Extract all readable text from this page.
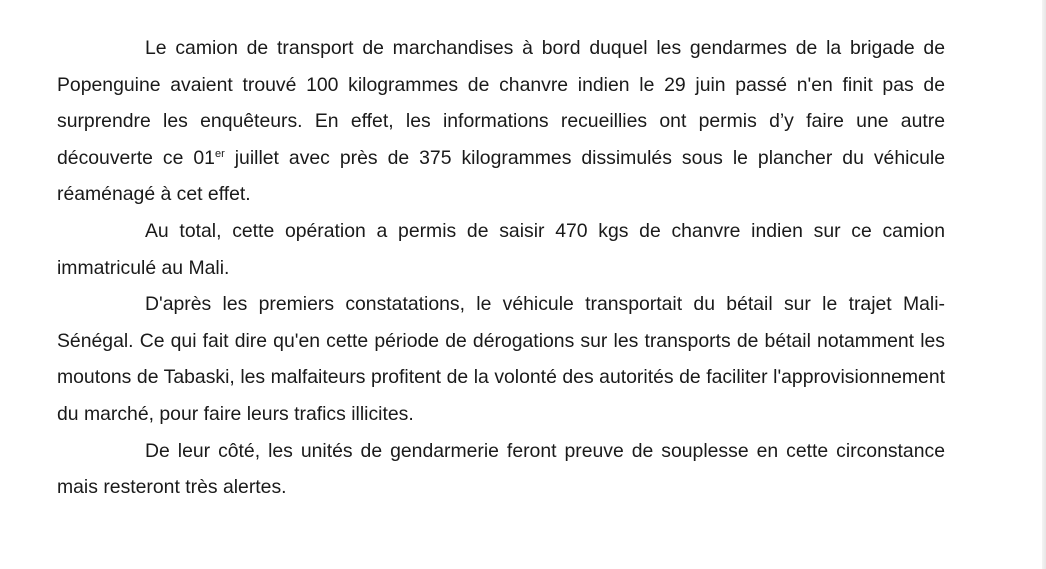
Le camion de transport de marchandises à bord duquel les gendarmes de la brigade de Popenguine avaient trouvé 100 kilogrammes de chanvre indien le 29 juin passé n'en finit pas de surprendre les enquêteurs. En effet, les informations recueillies ont permis d’y faire une autre découverte ce 01er juillet avec près de 375 kilogrammes dissimulés sous le plancher du véhicule réaménagé à cet effet.

Au total, cette opération a permis de saisir 470 kgs de chanvre indien sur ce camion immatriculé au Mali.

D'après les premiers constatations, le véhicule transportait du bétail sur le trajet Mali-Sénégal. Ce qui fait dire qu'en cette période de dérogations sur les transports de bétail notamment les moutons de Tabaski, les malfaiteurs profitent de la volonté des autorités de faciliter l'approvisionnement du marché, pour faire leurs trafics illicites.

De leur côté, les unités de gendarmerie feront preuve de souplesse en cette circonstance mais resteront très alertes.
